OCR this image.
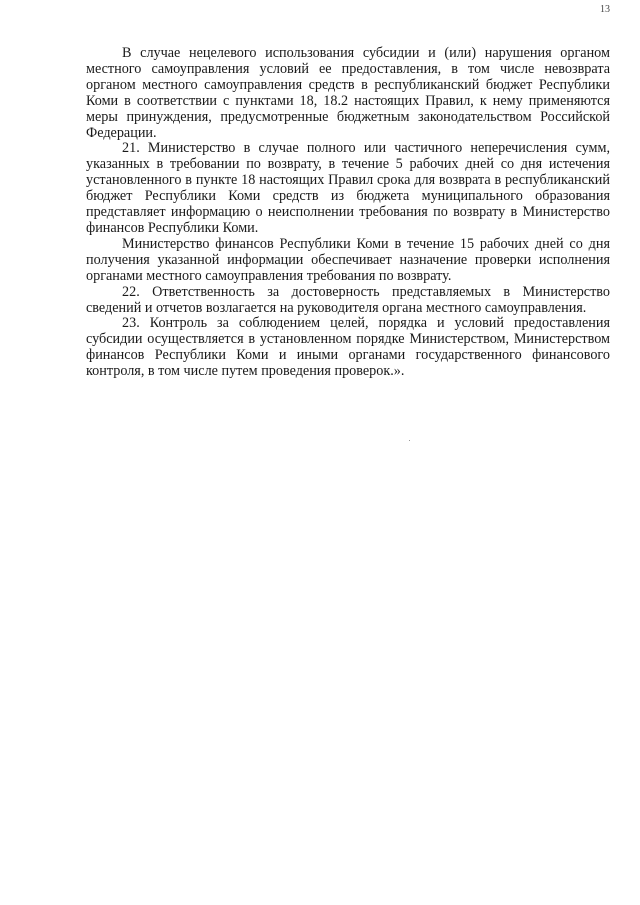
13

В случае нецелевого использования субсидии и (или) нарушения органом местного самоуправления условий ее предоставления, в том числе невозврата органом местного самоуправления средств в республиканский бюджет Республики Коми в соответствии с пунктами 18, 18.2 настоящих Правил, к нему применяются меры принуждения, предусмотренные бюджетным законодательством Российской Федерации.

21. Министерство в случае полного или частичного неперечисления сумм, указанных в требовании по возврату, в течение 5 рабочих дней со дня истечения установленного в пункте 18 настоящих Правил срока для возврата в республиканский бюджет Республики Коми средств из бюджета муниципального образования представляет информацию о неисполнении требования по возврату в Министерство финансов Республики Коми.

Министерство финансов Республики Коми в течение 15 рабочих дней со дня получения указанной информации обеспечивает назначение проверки исполнения органами местного самоуправления требования по возврату.

22. Ответственность за достоверность представляемых в Министерство сведений и отчетов возлагается на руководителя органа местного самоуправления.

23. Контроль за соблюдением целей, порядка и условий предоставления субсидии осуществляется в установленном порядке Министерством, Министерством финансов Республики Коми и иными органами государственного финансового контроля, в том числе путем проведения проверок.».
